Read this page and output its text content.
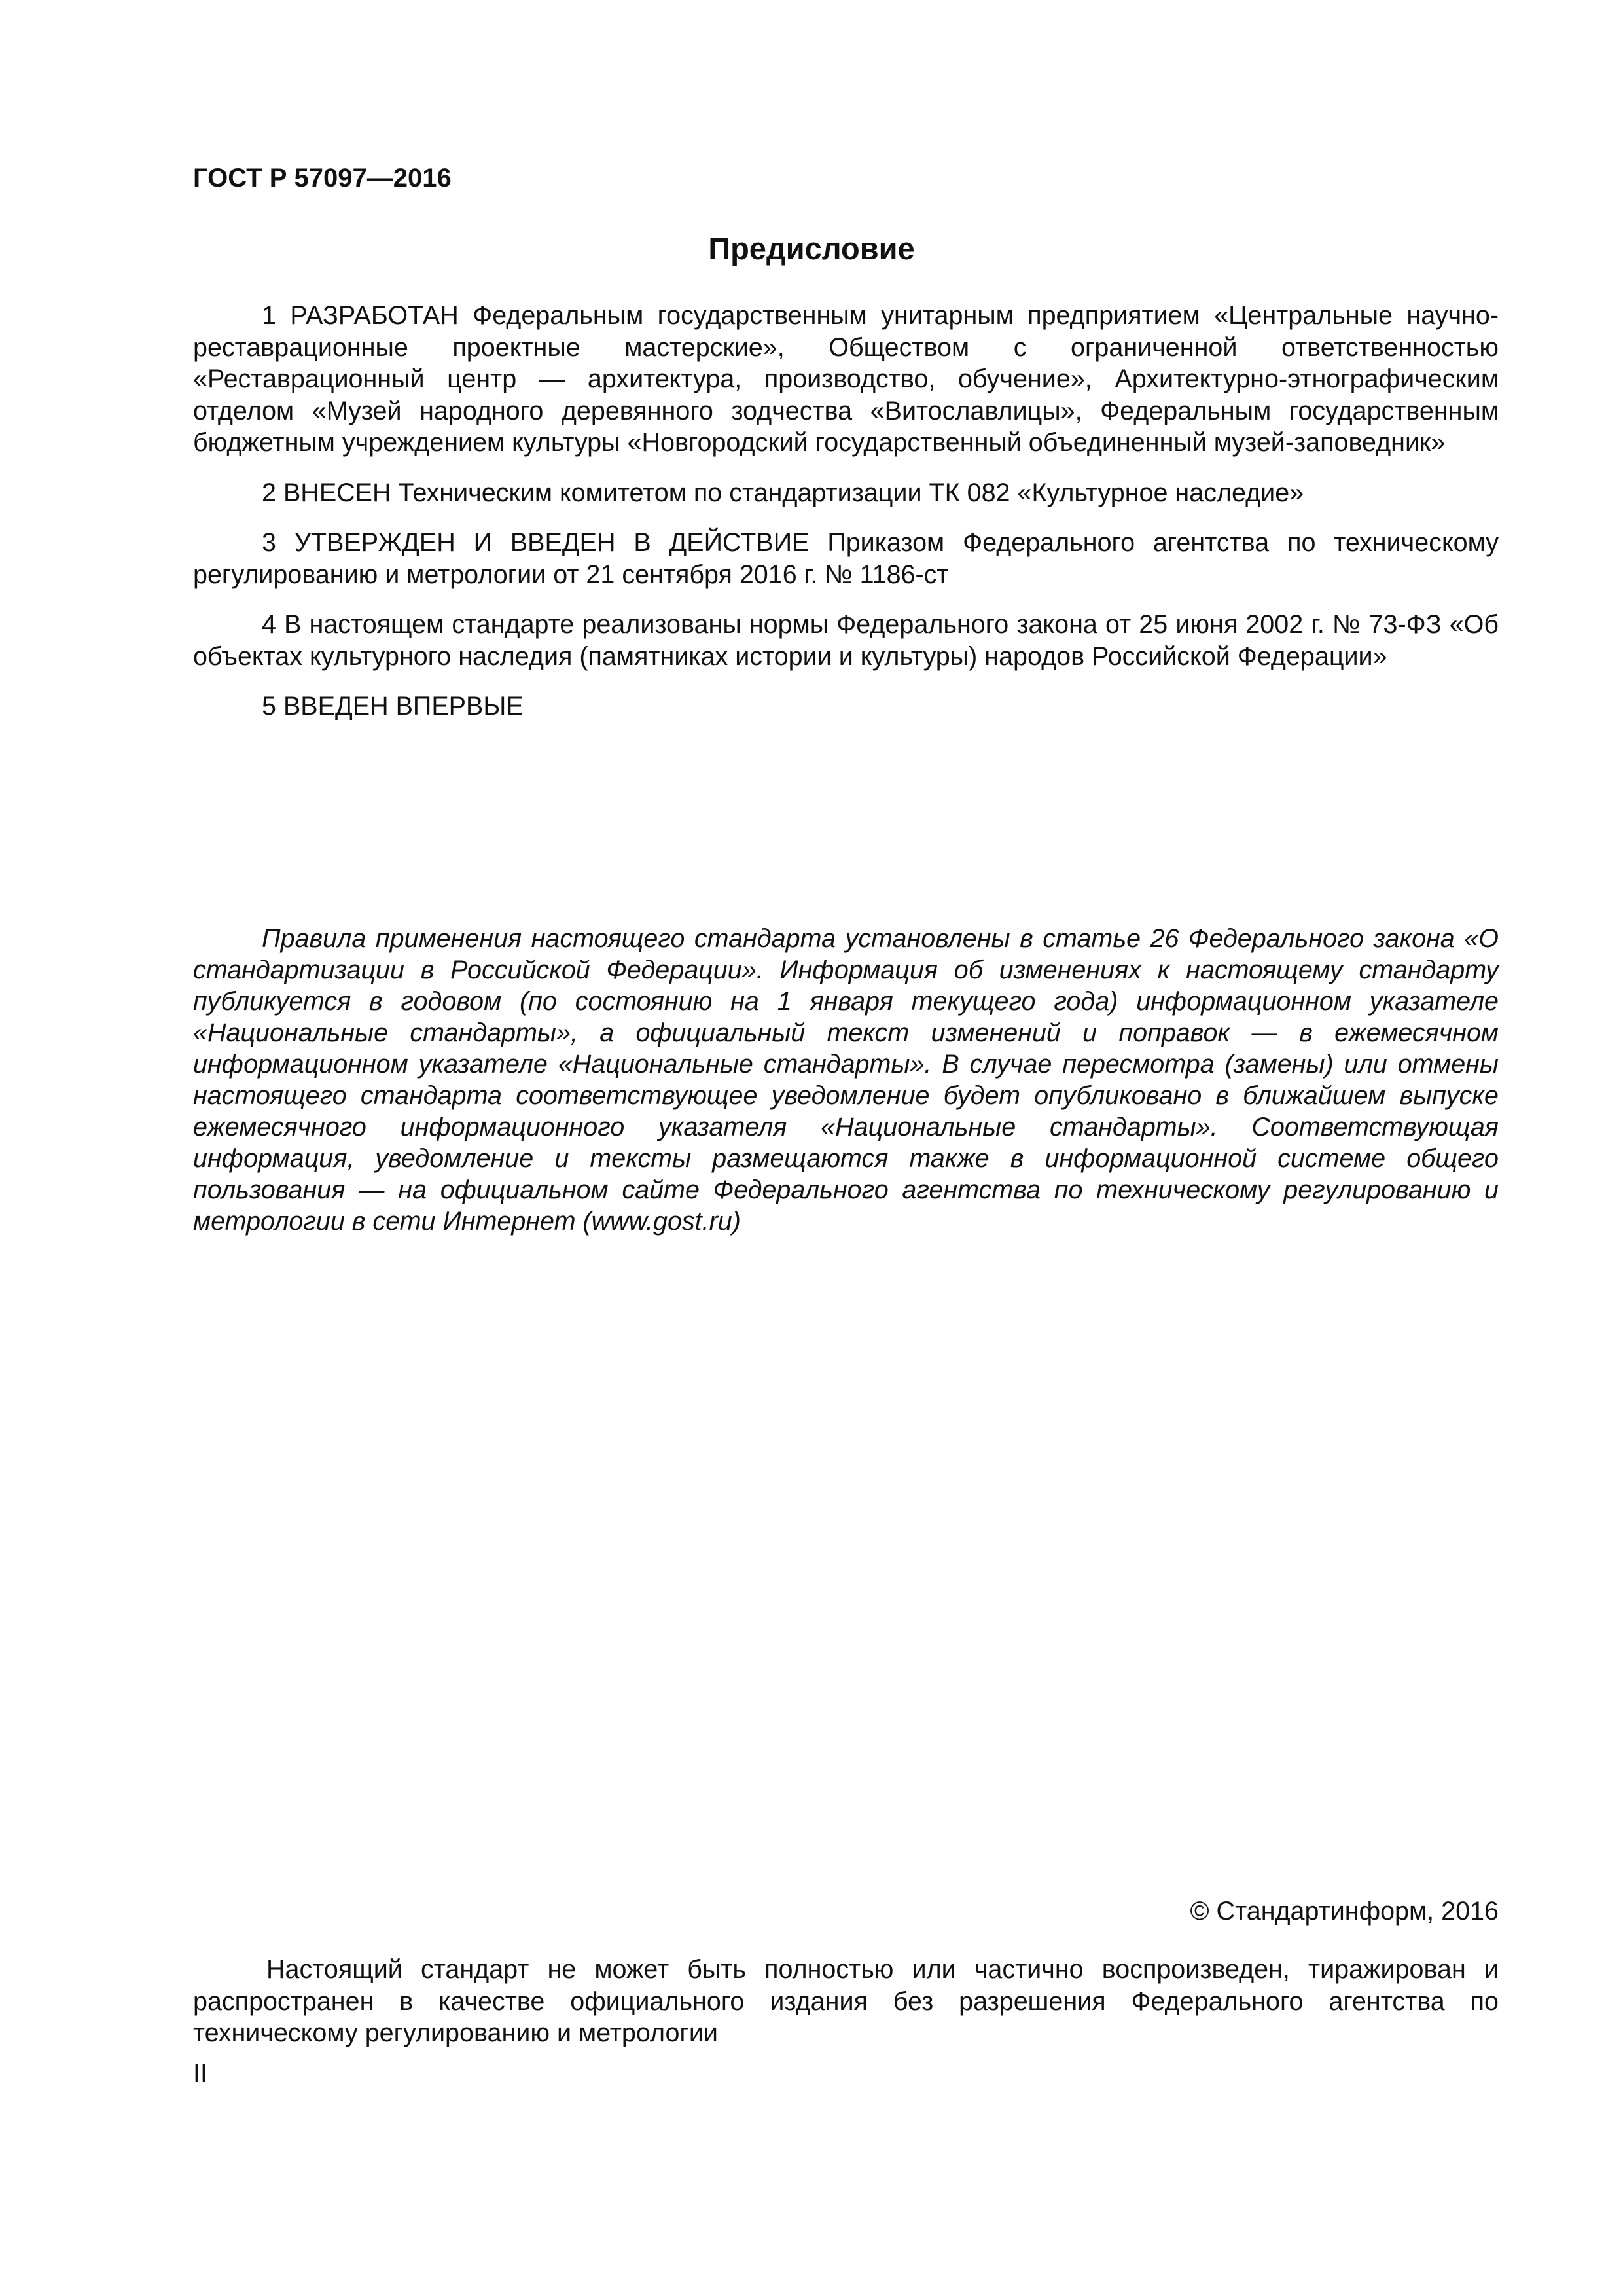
ГОСТ Р 57097—2016
Предисловие

1 РАЗРАБОТАН Федеральным государственным унитарным предприятием «Центральные научно-реставрационные проектные мастерские», Обществом с ограниченной ответственностью «Реставрационный центр — архитектура, производство, обучение», Архитектурно-этнографическим отделом «Музей народного деревянного зодчества «Витославлицы», Федеральным государственным бюджетным учреждением культуры «Новгородский государственный объединенный музей-заповедник»

2 ВНЕСЕН Техническим комитетом по стандартизации ТК 082 «Культурное наследие»

3 УТВЕРЖДЕН И ВВЕДЕН В ДЕЙСТВИЕ Приказом Федерального агентства по техническому регулированию и метрологии от 21 сентября 2016 г. № 1186-ст

4 В настоящем стандарте реализованы нормы Федерального закона от 25 июня 2002 г. № 73-ФЗ «Об объектах культурного наследия (памятниках истории и культуры) народов Российской Федерации»

5 ВВЕДЕН ВПЕРВЫЕ

Правила применения настоящего стандарта установлены в статье 26 Федерального закона «О стандартизации в Российской Федерации». Информация об изменениях к настоящему стандарту публикуется в годовом (по состоянию на 1 января текущего года) информационном указателе «Национальные стандарты», а официальный текст изменений и поправок — в ежемесячном информационном указателе «Национальные стандарты». В случае пересмотра (замены) или отмены настоящего стандарта соответствующее уведомление будет опубликовано в ближайшем выпуске ежемесячного информационного указателя «Национальные стандарты». Соответствующая информация, уведомление и тексты размещаются также в информационной системе общего пользования — на официальном сайте Федерального агентства по техническому регулированию и метрологии в сети Интернет (www.gost.ru)

© Стандартинформ, 2016

Настоящий стандарт не может быть полностью или частично воспроизведен, тиражирован и распространен в качестве официального издания без разрешения Федерального агентства по техническому регулированию и метрологии

II
